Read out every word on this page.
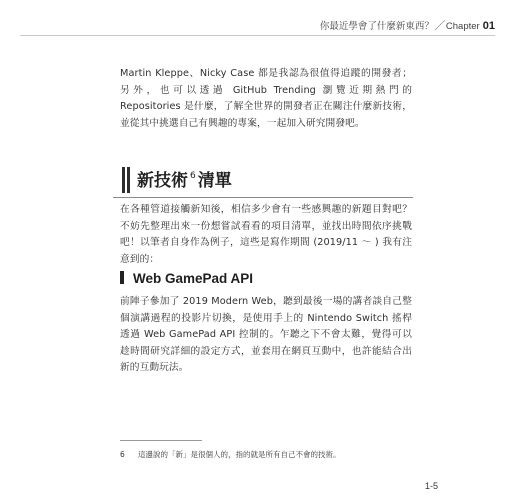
你最近學會了什麼新東西？／Chapter 01

Martin Kleppe、Nicky Case 都是我認為很值得追蹤的開發者；另外，也可以透過 GitHub Trending 瀏覽近期熱門的 Repositories 是什麼，了解全世界的開發者正在關注什麼新技術，並從其中挑選自己有興趣的專案，一起加入研究開發吧。

新技術 $^6$ 清單

在各種管道接觸新知後，相信多少會有一些感興趣的新題目對吧？不妨先整理出來一份想嘗試看看的項目清單，並找出時間依序挑戰吧！以筆者自身作為例子，這些是寫作期間 (2019/11 ～ ) 我有注意到的：

Web GamePad API

前陣子參加了 2019 Modern Web，聽到最後一場的講者談自己整個演講過程的投影片切換，是使用手上的 Nintendo Switch 搖桿透過 Web GamePad API 控制的。乍聽之下不會太難，覺得可以趁時間研究詳細的設定方式，並套用在網頁互動中，也許能結合出新的互動玩法。

6 這邊說的「新」是很個人的，指的就是所有自己不會的技術。
1-5
